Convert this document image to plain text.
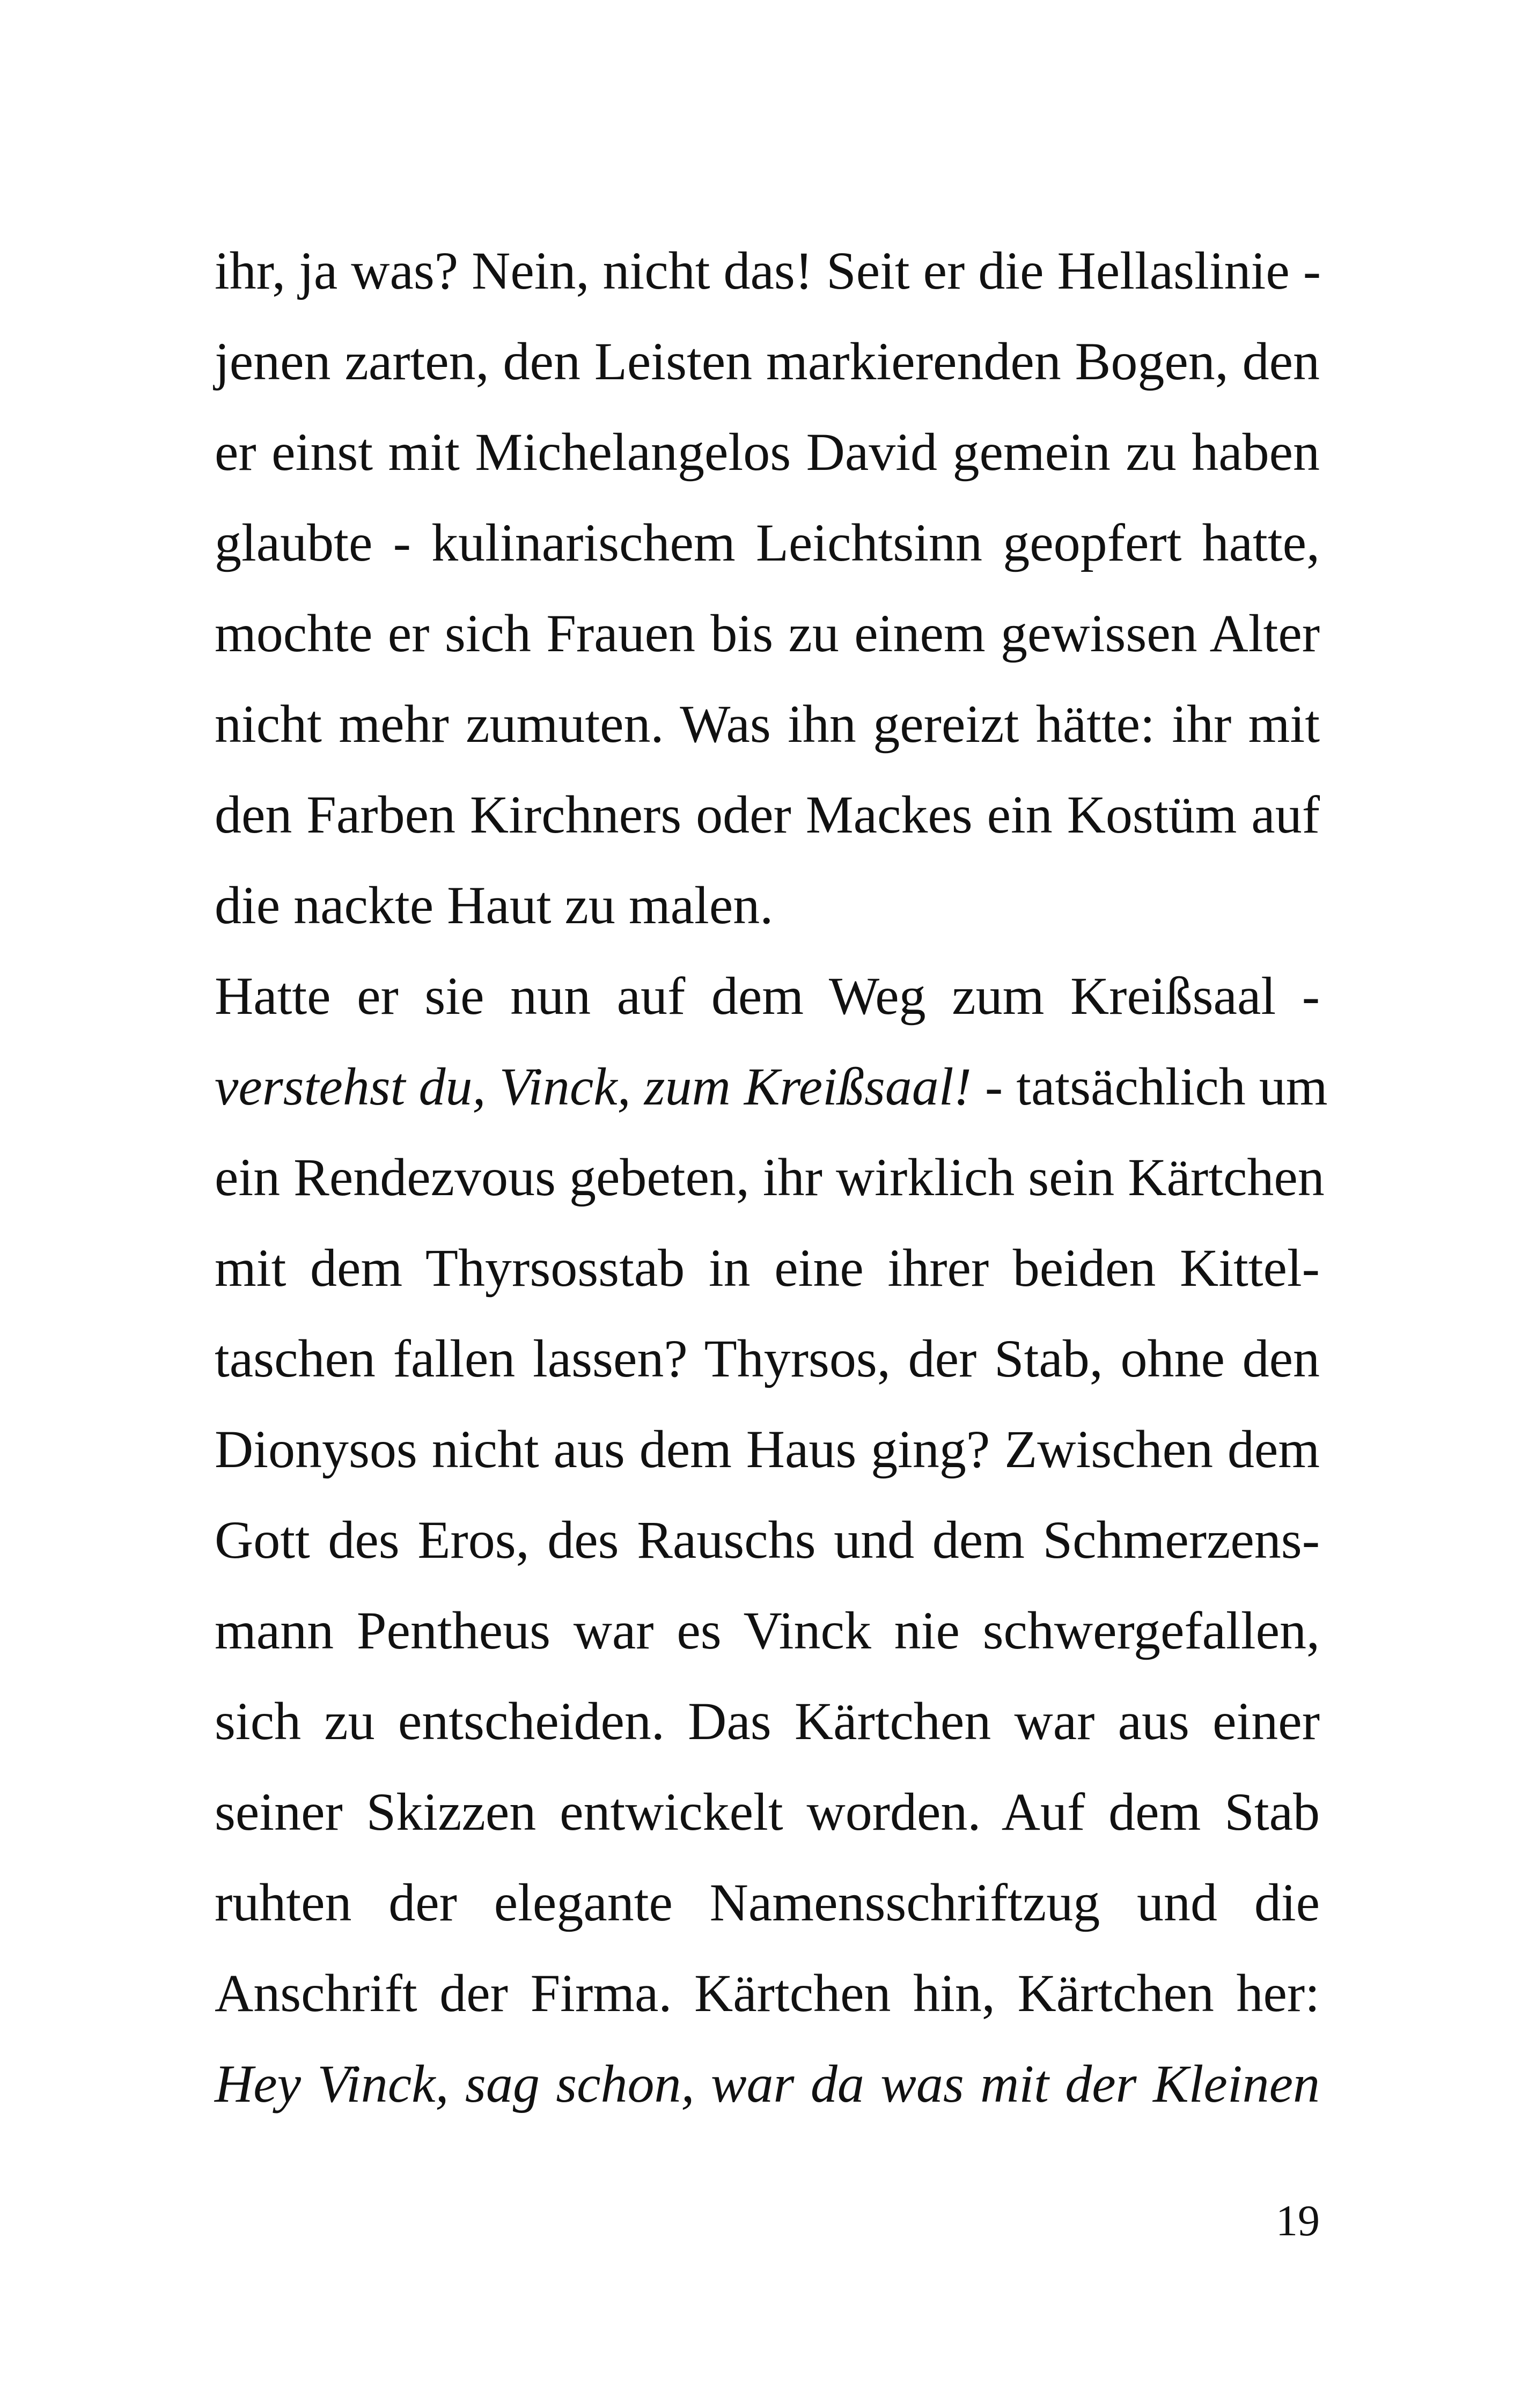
ihr, ja was? Nein, nicht das! Seit er die Hellaslinie -
jenen zarten, den Leisten markierenden Bogen, den
er einst mit Michelangelos David gemein zu haben
glaubte - kulinarischem Leichtsinn geopfert hatte,
mochte er sich Frauen bis zu einem gewissen Alter
nicht mehr zumuten. Was ihn gereizt hätte: ihr mit
den Farben Kirchners oder Mackes ein Kostüm auf
die nackte Haut zu malen.
Hatte er sie nun auf dem Weg zum Kreißsaal -
verstehst du, Vinck, zum Kreißsaal! - tatsächlich um
ein Rendezvous gebeten, ihr wirklich sein Kärtchen
mit dem Thyrsosstab in eine ihrer beiden Kittel-
taschen fallen lassen? Thyrsos, der Stab, ohne den
Dionysos nicht aus dem Haus ging? Zwischen dem
Gott des Eros, des Rauschs und dem Schmerzens-
mann Pentheus war es Vinck nie schwergefallen,
sich zu entscheiden. Das Kärtchen war aus einer
seiner Skizzen entwickelt worden. Auf dem Stab
ruhten der elegante Namensschriftzug und die
Anschrift der Firma. Kärtchen hin, Kärtchen her:
Hey Vinck, sag schon, war da was mit der Kleinen
19
